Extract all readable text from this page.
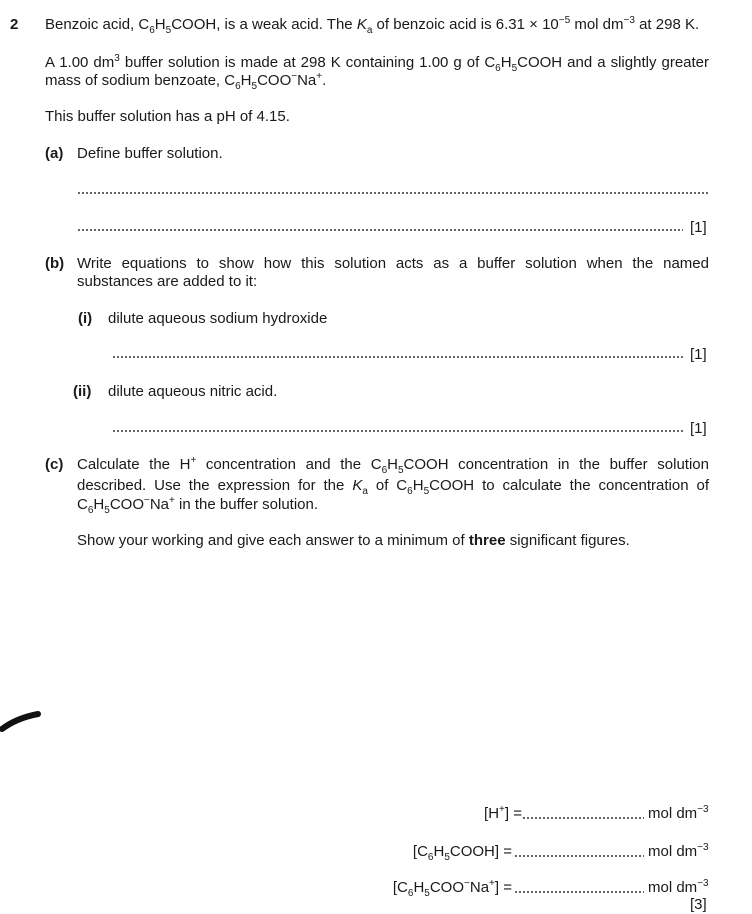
2 Benzoic acid, $C_6H_5COOH$, is a weak acid. The $K_a$ of benzoic acid is $6.31 \times 10^{-5}$ mol $dm^{-3}$ at 298 K.
A 1.00 $dm^3$ buffer solution is made at 298 K containing 1.00 g of $C_6H_5COOH$ and a slightly greater
mass of sodium benzoate, $C_6H_5COO^-Na^+$.
This buffer solution has a pH of 4.15.
(a) Define buffer solution.
[1]
(b) Write equations to show how this solution acts as a buffer solution when the named
substances are added to it:
(i) dilute aqueous sodium hydroxide
[1]
(ii) dilute aqueous nitric acid.
[1]
(c) Calculate the H+ concentration and the $C_6H_5COOH$ concentration in the buffer solution
described. Use the expression for the $K_a$ of $C_6H_5COOH$ to calculate the concentration of
$C_6H_5COO^-Na^+$ in the buffer solution.
Show your working and give each answer to a minimum of three significant figures.
[H+] =	mol $dm^{-3}$
$[C_6H_5COOH]$ =	mol $dm^{-3}$
$[C_6H_5COO^-Na^+]$ =	mol $dm^{-3}$
[3]
